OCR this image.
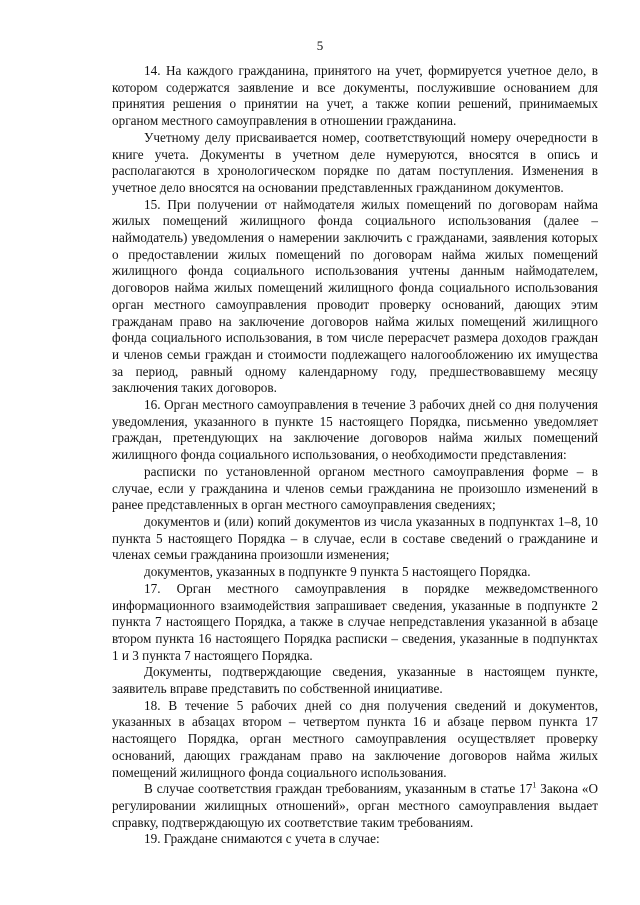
5

14. На каждого гражданина, принятого на учет, формируется учетное дело, в котором содержатся заявление и все документы, послужившие основанием для принятия решения о принятии на учет, а также копии решений, принимаемых органом местного самоуправления в отношении гражданина.

Учетному делу присваивается номер, соответствующий номеру очередности в книге учета. Документы в учетном деле нумеруются, вносятся в опись и располагаются в хронологическом порядке по датам поступления. Изменения в учетное дело вносятся на основании представленных гражданином документов.

15. При получении от наймодателя жилых помещений по договорам найма жилых помещений жилищного фонда социального использования (далее – наймодатель) уведомления о намерении заключить с гражданами, заявления которых о предоставлении жилых помещений по договорам найма жилых помещений жилищного фонда социального использования учтены данным наймодателем, договоров найма жилых помещений жилищного фонда социального использования орган местного самоуправления проводит проверку оснований, дающих этим гражданам право на заключение договоров найма жилых помещений жилищного фонда социального использования, в том числе перерасчет размера доходов граждан и членов семьи граждан и стоимости подлежащего налогообложению их имущества за период, равный одному календарному году, предшествовавшему месяцу заключения таких договоров.

16. Орган местного самоуправления в течение 3 рабочих дней со дня получения уведомления, указанного в пункте 15 настоящего Порядка, письменно уведомляет граждан, претендующих на заключение договоров найма жилых помещений жилищного фонда социального использования, о необходимости представления:

расписки по установленной органом местного самоуправления форме – в случае, если у гражданина и членов семьи гражданина не произошло изменений в ранее представленных в орган местного самоуправления сведениях;

документов и (или) копий документов из числа указанных в подпунктах 1–8, 10 пункта 5 настоящего Порядка – в случае, если в составе сведений о гражданине и членах семьи гражданина произошли изменения;

документов, указанных в подпункте 9 пункта 5 настоящего Порядка.

17. Орган местного самоуправления в порядке межведомственного информационного взаимодействия запрашивает сведения, указанные в подпункте 2 пункта 7 настоящего Порядка, а также в случае непредставления указанной в абзаце втором пункта 16 настоящего Порядка расписки – сведения, указанные в подпунктах 1 и 3 пункта 7 настоящего Порядка.

Документы, подтверждающие сведения, указанные в настоящем пункте, заявитель вправе представить по собственной инициативе.

18. В течение 5 рабочих дней со дня получения сведений и документов, указанных в абзацах втором – четвертом пункта 16 и абзаце первом пункта 17 настоящего Порядка, орган местного самоуправления осуществляет проверку оснований, дающих гражданам право на заключение договоров найма жилых помещений жилищного фонда социального использования.

В случае соответствия граждан требованиям, указанным в статье $17^1$ Закона «О регулировании жилищных отношений», орган местного самоуправления выдает справку, подтверждающую их соответствие таким требованиям.

19. Граждане снимаются с учета в случае:
